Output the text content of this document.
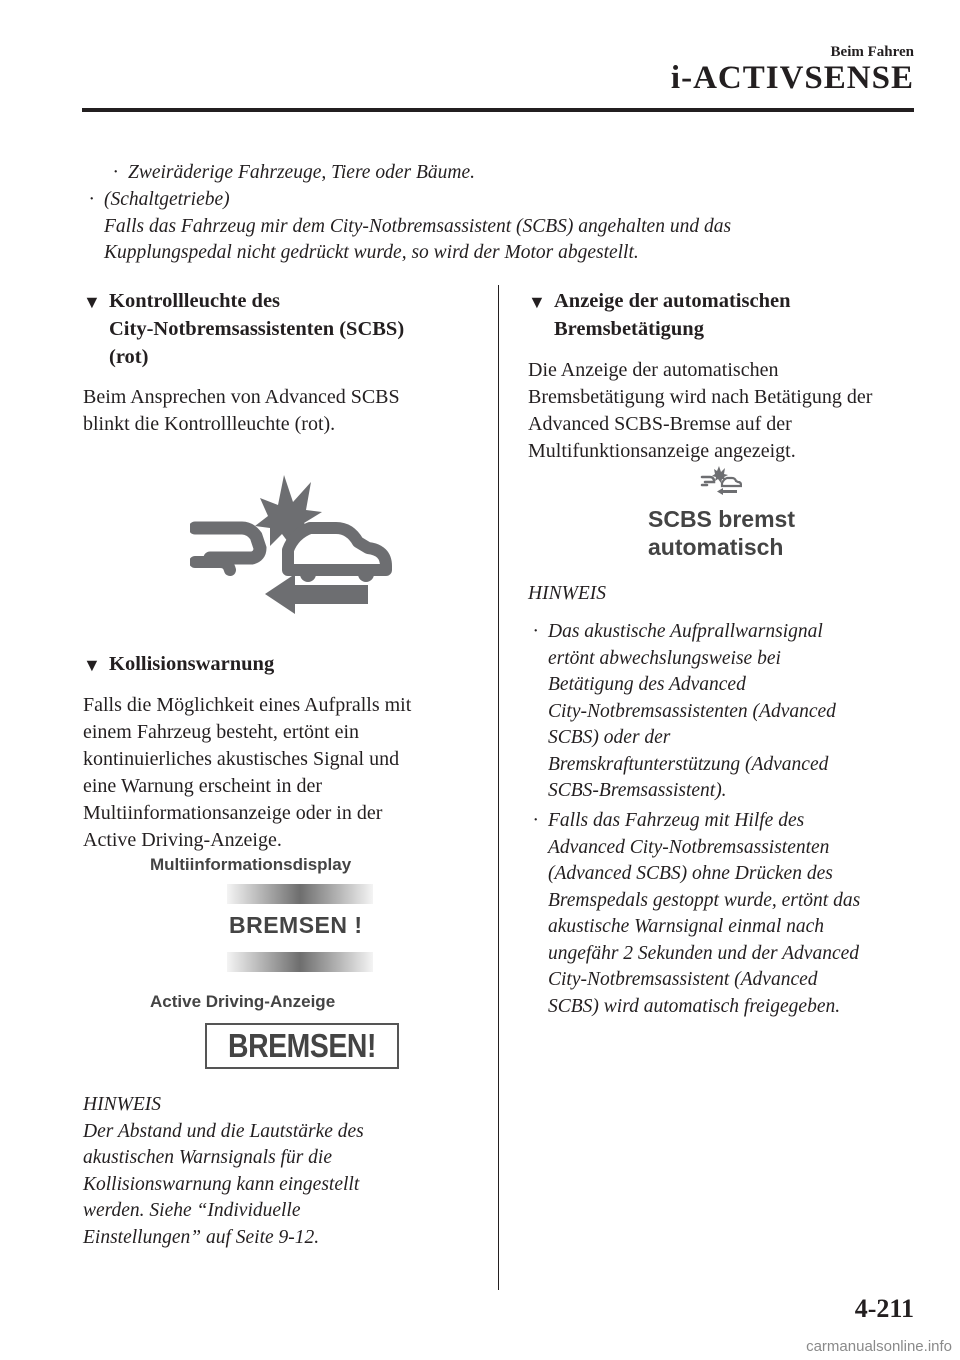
Beim Fahren
i-ACTIVSENSE
· Zweiräderige Fahrzeuge, Tiere oder Bäume.
· (Schaltgetriebe)
Falls das Fahrzeug mir dem City-Notbremsassistent (SCBS) angehalten und das
Kupplungspedal nicht gedrückt wurde, so wird der Motor abgestellt.
▼ Kontrollleuchte des
City-Notbremsassistenten (SCBS)
(rot)
Beim Ansprechen von Advanced SCBS
blinkt die Kontrollleuchte (rot).
▼ Kollisionswarnung
Falls die Möglichkeit eines Aufpralls mit
einem Fahrzeug besteht, ertönt ein
kontinuierliches akustisches Signal und
eine Warnung erscheint in der
Multiinformationsanzeige oder in der
Active Driving-Anzeige.
Multiinformationsdisplay
BREMSEN !
Active Driving-Anzeige
BREMSEN!
HINWEIS
Der Abstand und die Lautstärke des
akustischen Warnsignals für die
Kollisionswarnung kann eingestellt
werden. Siehe “Individuelle
Einstellungen” auf Seite 9-12.
▼ Anzeige der automatischen
Bremsbetätigung
Die Anzeige der automatischen
Bremsbetätigung wird nach Betätigung der
Advanced SCBS-Bremse auf der
Multifunktionsanzeige angezeigt.
SCBS bremst
automatisch
HINWEIS
· Das akustische Aufprallwarnsignal
ertönt abwechslungsweise bei
Betätigung des Advanced
City-Notbremsassistenten (Advanced
SCBS) oder der
Bremskraftunterstützung (Advanced
SCBS-Bremsassistent).
· Falls das Fahrzeug mit Hilfe des
Advanced City-Notbremsassistenten
(Advanced SCBS) ohne Drücken des
Bremspedals gestoppt wurde, ertönt das
akustische Warnsignal einmal nach
ungefähr 2 Sekunden und der Advanced
City-Notbremsassistent (Advanced
SCBS) wird automatisch freigegeben.
4-211
carmanualsonline.info
